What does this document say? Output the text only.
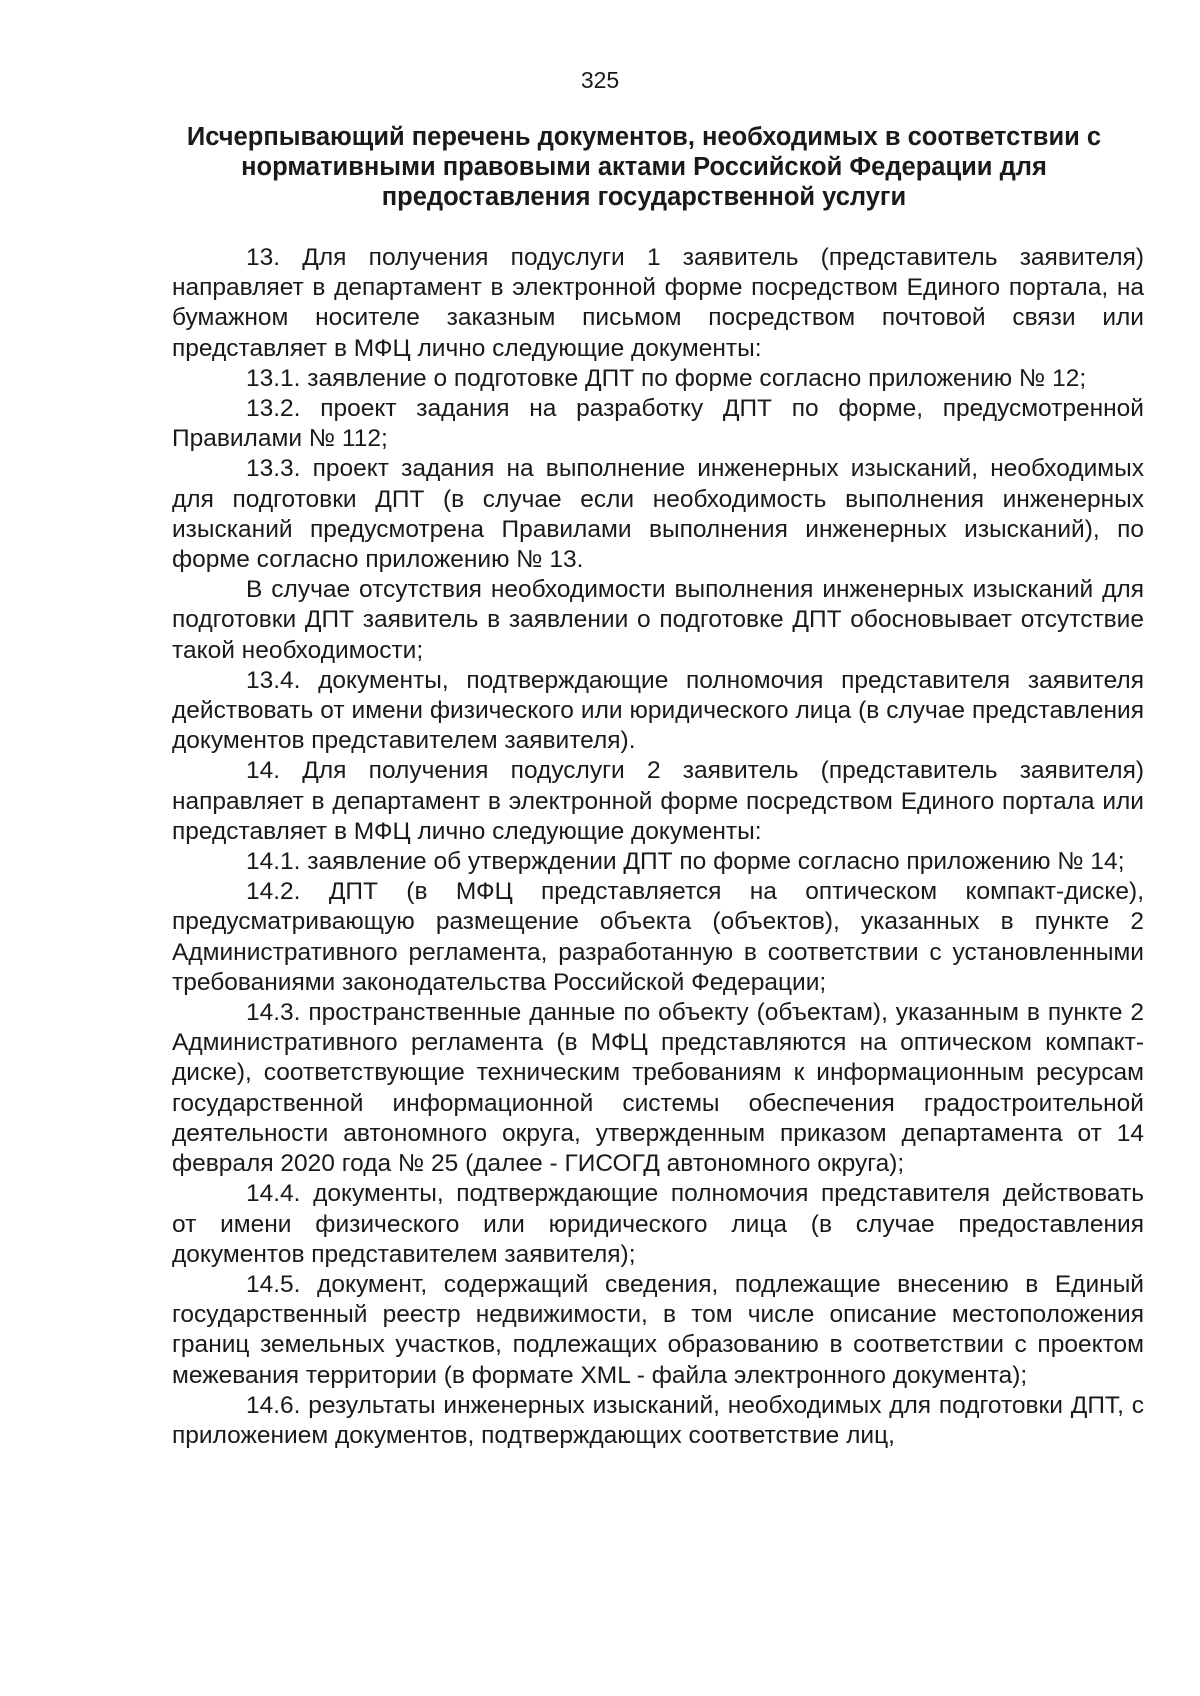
325
Исчерпывающий перечень документов, необходимых в соответствии с
нормативными правовыми актами Российской Федерации для
предоставления государственной услуги

13. Для получения подуслуги 1 заявитель (представитель заявителя) направляет в департамент в электронной форме посредством Единого портала, на бумажном носителе заказным письмом посредством почтовой связи или представляет в МФЦ лично следующие документы:

13.1. заявление о подготовке ДПТ по форме согласно приложению № 12;

13.2. проект задания на разработку ДПТ по форме, предусмотренной Правилами № 112;

13.3. проект задания на выполнение инженерных изысканий, необходимых для подготовки ДПТ (в случае если необходимость выполнения инженерных изысканий предусмотрена Правилами выполнения инженерных изысканий), по форме согласно приложению № 13.

В случае отсутствия необходимости выполнения инженерных изысканий для подготовки ДПТ заявитель в заявлении о подготовке ДПТ обосновывает отсутствие такой необходимости;

13.4. документы, подтверждающие полномочия представителя заявителя действовать от имени физического или юридического лица (в случае представления документов представителем заявителя).

14. Для получения подуслуги 2 заявитель (представитель заявителя) направляет в департамент в электронной форме посредством Единого портала или представляет в МФЦ лично следующие документы:

14.1. заявление об утверждении ДПТ по форме согласно приложению № 14;

14.2. ДПТ (в МФЦ представляется на оптическом компакт-диске), предусматривающую размещение объекта (объектов), указанных в пункте 2 Административного регламента, разработанную в соответствии с установленными требованиями законодательства Российской Федерации;

14.3. пространственные данные по объекту (объектам), указанным в пункте 2 Административного регламента (в МФЦ представляются на оптическом компакт-диске), соответствующие техническим требованиям к информационным ресурсам государственной информационной системы обеспечения градостроительной деятельности автономного округа, утвержденным приказом департамента от 14 февраля 2020 года № 25 (далее - ГИСОГД автономного округа);

14.4. документы, подтверждающие полномочия представителя действовать от имени физического или юридического лица (в случае предоставления документов представителем заявителя);

14.5. документ, содержащий сведения, подлежащие внесению в Единый государственный реестр недвижимости, в том числе описание местоположения границ земельных участков, подлежащих образованию в соответствии с проектом межевания территории (в формате XML - файла электронного документа);

14.6. результаты инженерных изысканий, необходимых для подготовки ДПТ, с приложением документов, подтверждающих соответствие лиц,
